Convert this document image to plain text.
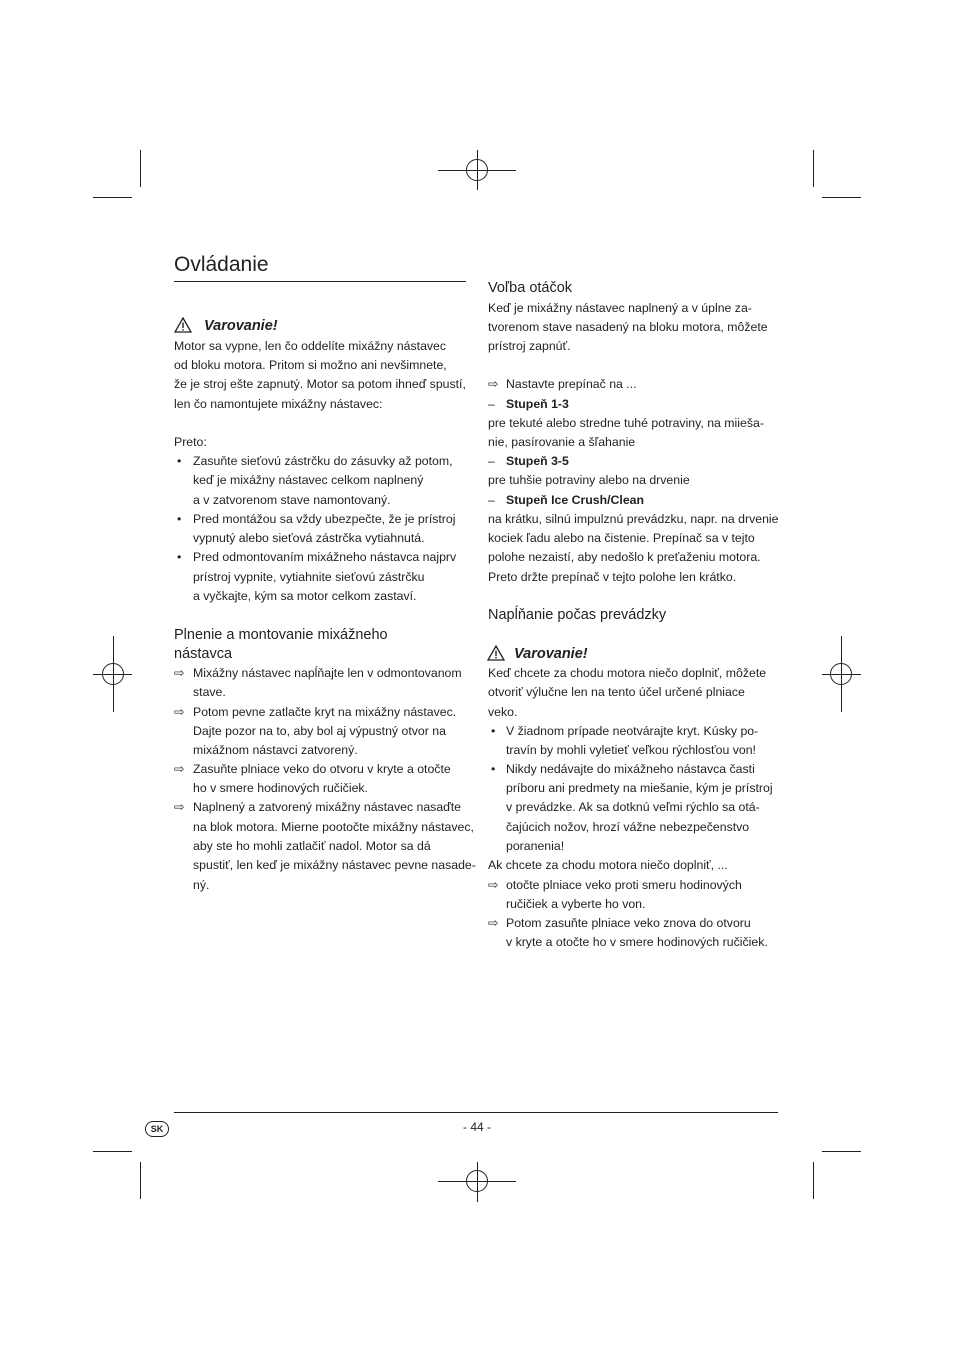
Ovládanie
Varovanie!
Motor sa vypne, len čo oddelíte mixážny nástavec
od bloku motora. Pritom si možno ani nevšimnete,
že je stroj ešte zapnutý. Motor sa potom ihneď spustí,
len čo namontujete mixážny nástavec:
Preto:
• Zasuňte sieťovú zástrčku do zásuvky až potom,
keď je mixážny nástavec celkom naplnený
a v zatvorenom stave namontovaný.
• Pred montážou sa vždy ubezpečte, že je prístroj
vypnutý alebo sieťová zástrčka vytiahnutá.
• Pred odmontovaním mixážneho nástavca najprv
prístroj vypnite, vytiahnite sieťovú zástrčku
a vyčkajte, kým sa motor celkom zastaví.
Plnenie a montovanie mixážneho
nástavca
⇨ Mixážny nástavec napĺňajte len v odmontovanom
stave.
⇨ Potom pevne zatlačte kryt na mixážny nástavec.
Dajte pozor na to, aby bol aj výpustný otvor na
mixážnom nástavci zatvorený.
⇨ Zasuňte plniace veko do otvoru v kryte a otočte
ho v smere hodinových ručičiek.
⇨ Naplnený a zatvorený mixážny nástavec nasaďte
na blok motora. Mierne pootočte mixážny nástavec,
aby ste ho mohli zatlačiť nadol. Motor sa dá
spustiť, len keď je mixážny nástavec pevne nasade-
ný.
Voľba otáčok
Keď je mixážny nástavec naplnený a v úplne za-
tvorenom stave nasadený na bloku motora, môžete
prístroj zapnúť.
⇨ Nastavte prepínač na ...
– Stupeň 1-3
pre tekuté alebo stredne tuhé potraviny, na miieša-
nie, pasírovanie a šľahanie
– Stupeň 3-5
pre tuhšie potraviny alebo na drvenie
– Stupeň Ice Crush/Clean
na krátku, silnú impulznú prevádzku, napr. na drvenie
kociek ľadu alebo na čistenie. Prepínač sa v tejto
polohe nezaistí, aby nedošlo k preťaženiu motora.
Preto držte prepínač v tejto polohe len krátko.
Napĺňanie počas prevádzky
Varovanie!
Keď chcete za chodu motora niečo doplniť, môžete
otvoriť výlučne len na tento účel určené plniace
veko.
• V žiadnom prípade neotvárajte kryt. Kúsky po-
travín by mohli vyletieť veľkou rýchlosťou von!
• Nikdy nedávajte do mixážneho nástavca časti
príboru ani predmety na miešanie, kým je prístroj
v prevádzke. Ak sa dotknú veľmi rýchlo sa otá-
čajúcich nožov, hrozí vážne nebezpečenstvo
poranenia!
Ak chcete za chodu motora niečo doplniť, ...
⇨ otočte plniace veko proti smeru hodinových
ručičiek a vyberte ho von.
⇨ Potom zasuňte plniace veko znova do otvoru
v kryte a otočte ho v smere hodinových ručičiek.
SK	- 44 -
